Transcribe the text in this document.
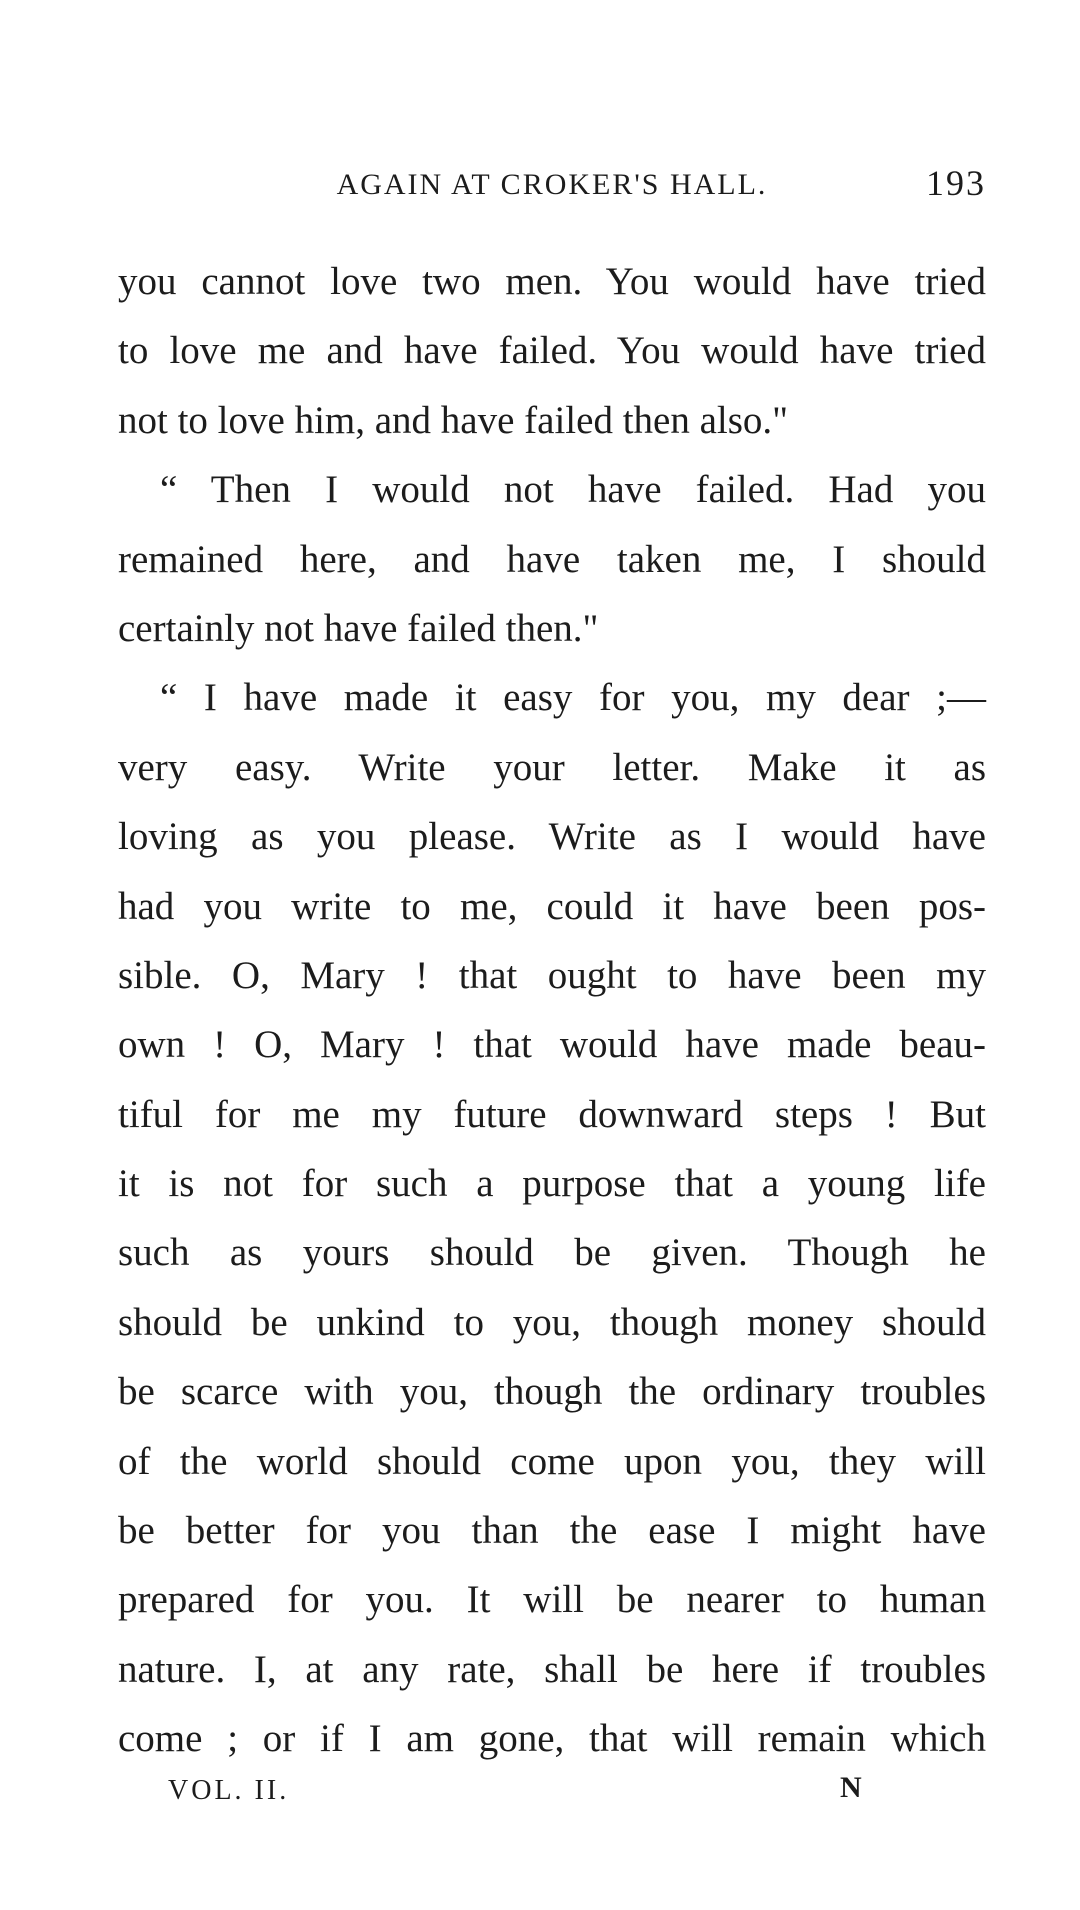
AGAIN AT CROKER'S HALL.	193
you cannot love two men. You would have tried
to love me and have failed. You would have tried
not to love him, and have failed then also."
“ Then I would not have failed. Had you
remained here, and have taken me, I should
certainly not have failed then."
“ I have made it easy for you, my dear ;—
very easy. Write your letter. Make it as
loving as you please. Write as I would have
had you write to me, could it have been pos-
sible. O, Mary ! that ought to have been my
own ! O, Mary ! that would have made beau-
tiful for me my future downward steps ! But
it is not for such a purpose that a young life
such as yours should be given. Though he
should be unkind to you, though money should
be scarce with you, though the ordinary troubles
of the world should come upon you, they will
be better for you than the ease I might have
prepared for you. It will be nearer to human
nature. I, at any rate, shall be here if troubles
come ; or if I am gone, that will remain which
VOL. II.	N
